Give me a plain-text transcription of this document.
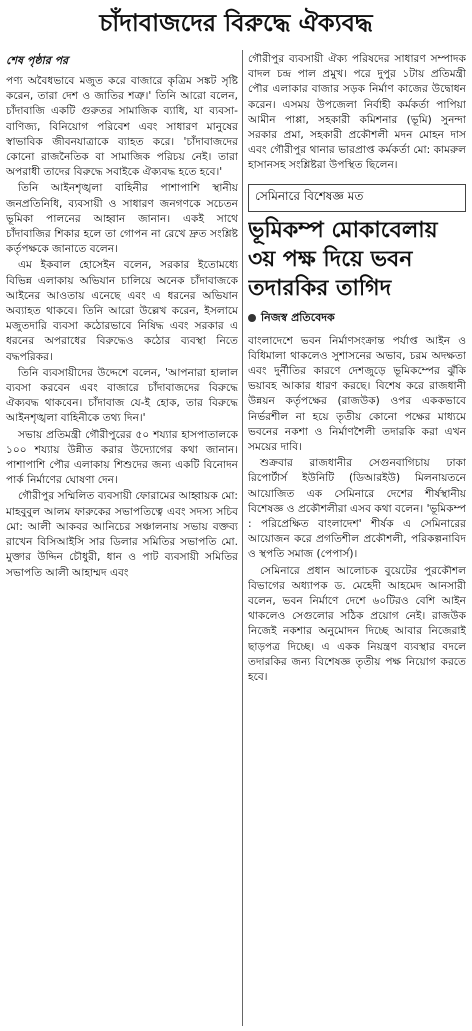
চাঁদাবাজদের বিরুদ্ধে ঐক্যবদ্ধ
শেষ পৃষ্ঠার পর

পণ্য অবৈধভাবে মজুত করে বাজারে কৃত্রিম সঙ্কট সৃষ্টি করেন, তারা দেশ ও জাতির শত্রু।' তিনি আরো বলেন, চাঁদাবাজি একটি গুরুতর সামাজিক ব্যাধি, যা ব্যবসা-বাণিজ্য, বিনিয়োগ পরিবেশ এবং সাধারণ মানুষের স্বাভাবিক জীবনযাত্রাকে ব্যাহত করে। 'চাঁদাবাজদের কোনো রাজনৈতিক বা সামাজিক পরিচয় নেই। তারা অপরাধী তাদের বিরুদ্ধে সবাইকে ঐক্যবদ্ধ হতে হবে।'

তিনি আইনশৃঙ্খলা বাহিনীর পাশাপাশি স্থানীয় জনপ্রতিনিধি, ব্যবসায়ী ও সাধারণ জনগণকে সচেতন ভূমিকা পালনের আহ্বান জানান। একই সাথে চাঁদাবাজির শিকার হলে তা গোপন না রেখে দ্রুত সংশ্লিষ্ট কর্তৃপক্ষকে জানাতে বলেন।

এম ইকবাল হোসেইন বলেন, সরকার ইতোমধ্যে বিভিন্ন এলাকায় অভিযান চালিয়ে অনেক চাঁদাবাজকে আইনের আওতায় এনেছে এবং এ ধরনের অভিযান অব্যাহত থাকবে। তিনি আরো উল্লেখ করেন, ইসলামে মজুতদারি ব্যবসা কঠোরভাবে নিষিদ্ধ এবং সরকার এ ধরনের অপরাধের বিরুদ্ধেও কঠোর ব্যবস্থা নিতে বদ্ধপরিকর।

তিনি ব্যবসায়ীদের উদ্দেশে বলেন, 'আপনারা হালাল ব্যবসা করবেন এবং বাজারে চাঁদাবাজদের বিরুদ্ধে ঐক্যবদ্ধ থাকবেন। চাঁদাবাজ যে-ই হোক, তার বিরুদ্ধে আইনশৃঙ্খলা বাহিনীকে তথ্য দিন।'

সভায় প্রতিমন্ত্রী গৌরীপুরের ৫০ শয্যার হাসপাতালকে ১০০ শয্যায় উন্নীত করার উদ্যোগের কথা জানান। পাশাপাশি পৌর এলাকায় শিশুদের জন্য একটি বিনোদন পার্ক নির্মাণের ঘোষণা দেন।

গৌরীপুর সম্মিলিত ব্যবসায়ী ফোরামের আহ্বায়ক মো: মাহবুবুল আলম ফারুকের সভাপতিত্বে এবং সদস্য সচিব মো: আলী আকবর আনিচের সঞ্চালনায় সভায় বক্তব্য রাখেন বিসিআইসি সার ডিলার সমিতির সভাপতি মো. মুক্তার উদ্দিন চৌধুরী, ধান ও পাট ব্যবসায়ী সমিতির সভাপতি আলী আহাম্মদ এবং

গৌরীপুর ব্যবসায়ী ঐক্য পরিষদের সাধারণ সম্পাদক বাদল চন্দ্র পাল প্রমুখ। পরে দুপুর ১টায় প্রতিমন্ত্রী পৌর এলাকার বাজার সড়ক নির্মাণ কাজের উদ্বোধন করেন। এসময় উপজেলা নির্বাহী কর্মকর্তা পাপিয়া আমীন পাপ্পা, সহকারী কমিশনার (ভূমি) সুনন্দা সরকার প্রমা, সহকারী প্রকৌশলী মদন মোহন দাস এবং গৌরীপুর থানার ভারপ্রাপ্ত কর্মকর্তা মো: কামরুল হাসানসহ সংশ্লিষ্টরা উপস্থিত ছিলেন।

সেমিনারে বিশেষজ্ঞ মত
ভূমিকম্প মোকাবেলায় ৩য় পক্ষ দিয়ে ভবন তদারকির তাগিদ
নিজস্ব প্রতিবেদক

বাংলাদেশে ভবন নির্মাণসংক্রান্ত পর্যাপ্ত আইন ও বিধিমালা থাকলেও সুশাসনের অভাব, চরম অদক্ষতা এবং দুর্নীতির কারণে দেশজুড়ে ভূমিকম্পের ঝুঁকি ভয়াবহ আকার ধারণ করছে। বিশেষ করে রাজধানী উন্নয়ন কর্তৃপক্ষের (রাজউক) ওপর এককভাবে নির্ভরশীল না হয়ে তৃতীয় কোনো পক্ষের মাধ্যমে ভবনের নকশা ও নির্মাণশৈলী তদারকি করা এখন সময়ের দাবি।

শুক্রবার রাজধানীর সেগুনবাগিচায় ঢাকা রিপোর্টার্স ইউনিটি (ডিআরইউ) মিলনায়তনে আয়োজিত এক সেমিনারে দেশের শীর্ষস্থানীয় বিশেষজ্ঞ ও প্রকৌশলীরা এসব কথা বলেন। 'ভূমিকম্প : পরিপ্রেক্ষিত বাংলাদেশ' শীর্ষক এ সেমিনারের আয়োজন করে প্রগতিশীল প্রকৌশলী, পরিকল্পনাবিদ ও স্থপতি সমাজ (পেপার্স)।

সেমিনারে প্রধান আলোচক বুয়েটের পুরকৌশল বিভাগের অধ্যাপক ড. মেহেদী আহমেদ আনসারী বলেন, ভবন নির্মাণে দেশে ৬০টিরও বেশি আইন থাকলেও সেগুলোর সঠিক প্রয়োগ নেই। রাজউক নিজেই নকশার অনুমোদন দিচ্ছে আবার নিজেরাই ছাড়পত্র দিচ্ছে। এ একক নিয়ন্ত্রণ ব্যবস্থার বদলে তদারকির জন্য বিশেষজ্ঞ তৃতীয় পক্ষ নিয়োগ করতে হবে।
